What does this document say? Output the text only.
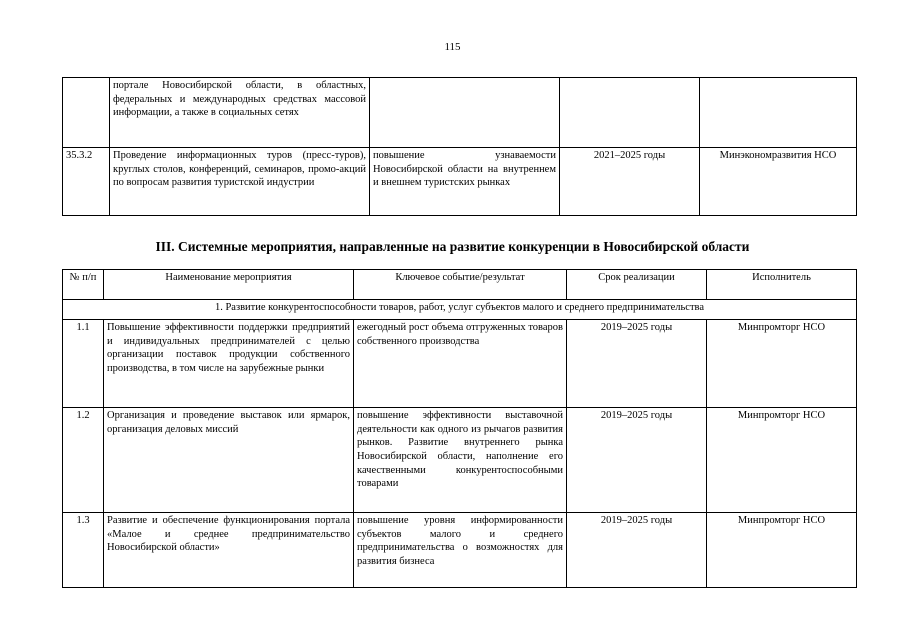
115
	порталe Новосибирской области, в областных, федеральных и международных средствах массовой информации, а также в социальных сетях			
35.3.2	Проведение информационных туров (пресс-туров), круглых столов, конференций, семинаров, промо-акций по вопросам развития туристской индустрии	повышение узнаваемости Новосибирской области на внутреннем и внешнем туристских рынках	2021–2025 годы	Минэкономразвития НСО
III. Системные мероприятия, направленные на развитие конкуренции в Новосибирской области
№ п/п	Наименование мероприятия	Ключевое событие/результат	Срок реализации	Исполнитель
1. Развитие конкурентоспособности товаров, работ, услуг субъектов малого и среднего предпринимательства				
1.1	Повышение эффективности поддержки предприятий и индивидуальных предпринимателей с целью организации поставок продукции собственного производства, в том числе на зарубежные рынки	ежегодный рост объема отгруженных товаров собственного производства	2019–2025 годы	Минпромторг НСО
1.2	Организация и проведение выставок или ярмарок, организация деловых миссий	повышение эффективности выставочной деятельности как одного из рычагов развития рынков. Развитие внутреннего рынка Новосибирской области, наполнение его качественными конкурентоспособными товарами	2019–2025 годы	Минпромторг НСО
1.3	Развитие и обеспечение функционирования портала «Малое и среднее предпринимательство Новосибирской области»	повышение уровня информированности субъектов малого и среднего предпринимательства о возможностях для развития бизнеса	2019–2025 годы	Минпромторг НСО
